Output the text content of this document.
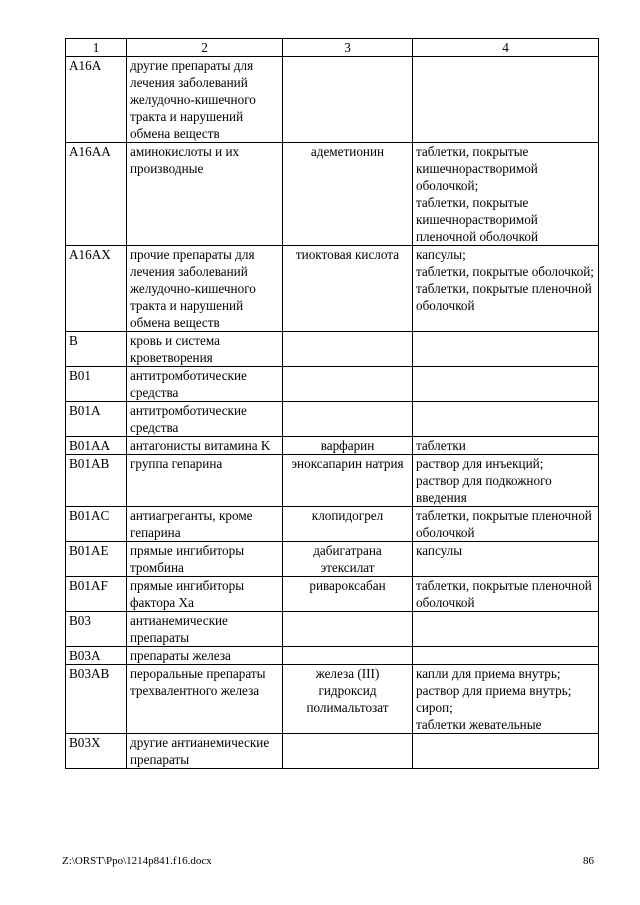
1	2	3	4
A16A	другие препараты для лечения заболеваний желудочно-кишечного тракта и нарушений обмена веществ		
A16AA	аминокислоты и их производные	адеметионин	таблетки, покрытые кишечнорастворимой оболочкой;
таблетки, покрытые кишечнорастворимой пленочной оболочкой
A16AX	прочие препараты для лечения заболеваний желудочно-кишечного тракта и нарушений обмена веществ	тиоктовая кислота	капсулы;
таблетки, покрытые оболочкой;
таблетки, покрытые пленочной оболочкой
B	кровь и система кроветворения		
B01	антитромботические средства		
B01A	антитромботические средства		
B01AA	антагонисты витамина K	варфарин	таблетки
B01AB	группа гепарина	эноксапарин натрия	раствор для инъекций;
раствор для подкожного введения
B01AC	антиагреганты, кроме гепарина	клопидогрел	таблетки, покрытые пленочной оболочкой
B01AE	прямые ингибиторы тромбина	дабигатрана этексилат	капсулы
B01AF	прямые ингибиторы фактора Xa	ривароксабан	таблетки, покрытые пленочной оболочкой
B03	антианемические препараты		
B03A	препараты железа		
B03AB	пероральные препараты трехвалентного железа	железа (III) гидроксид полимальтозат	капли для приема внутрь;
раствор для приема внутрь;
сироп;
таблетки жевательные
B03X	другие антианемические препараты		
Z:\ORST\Ppo\1214p841.f16.docx	86
